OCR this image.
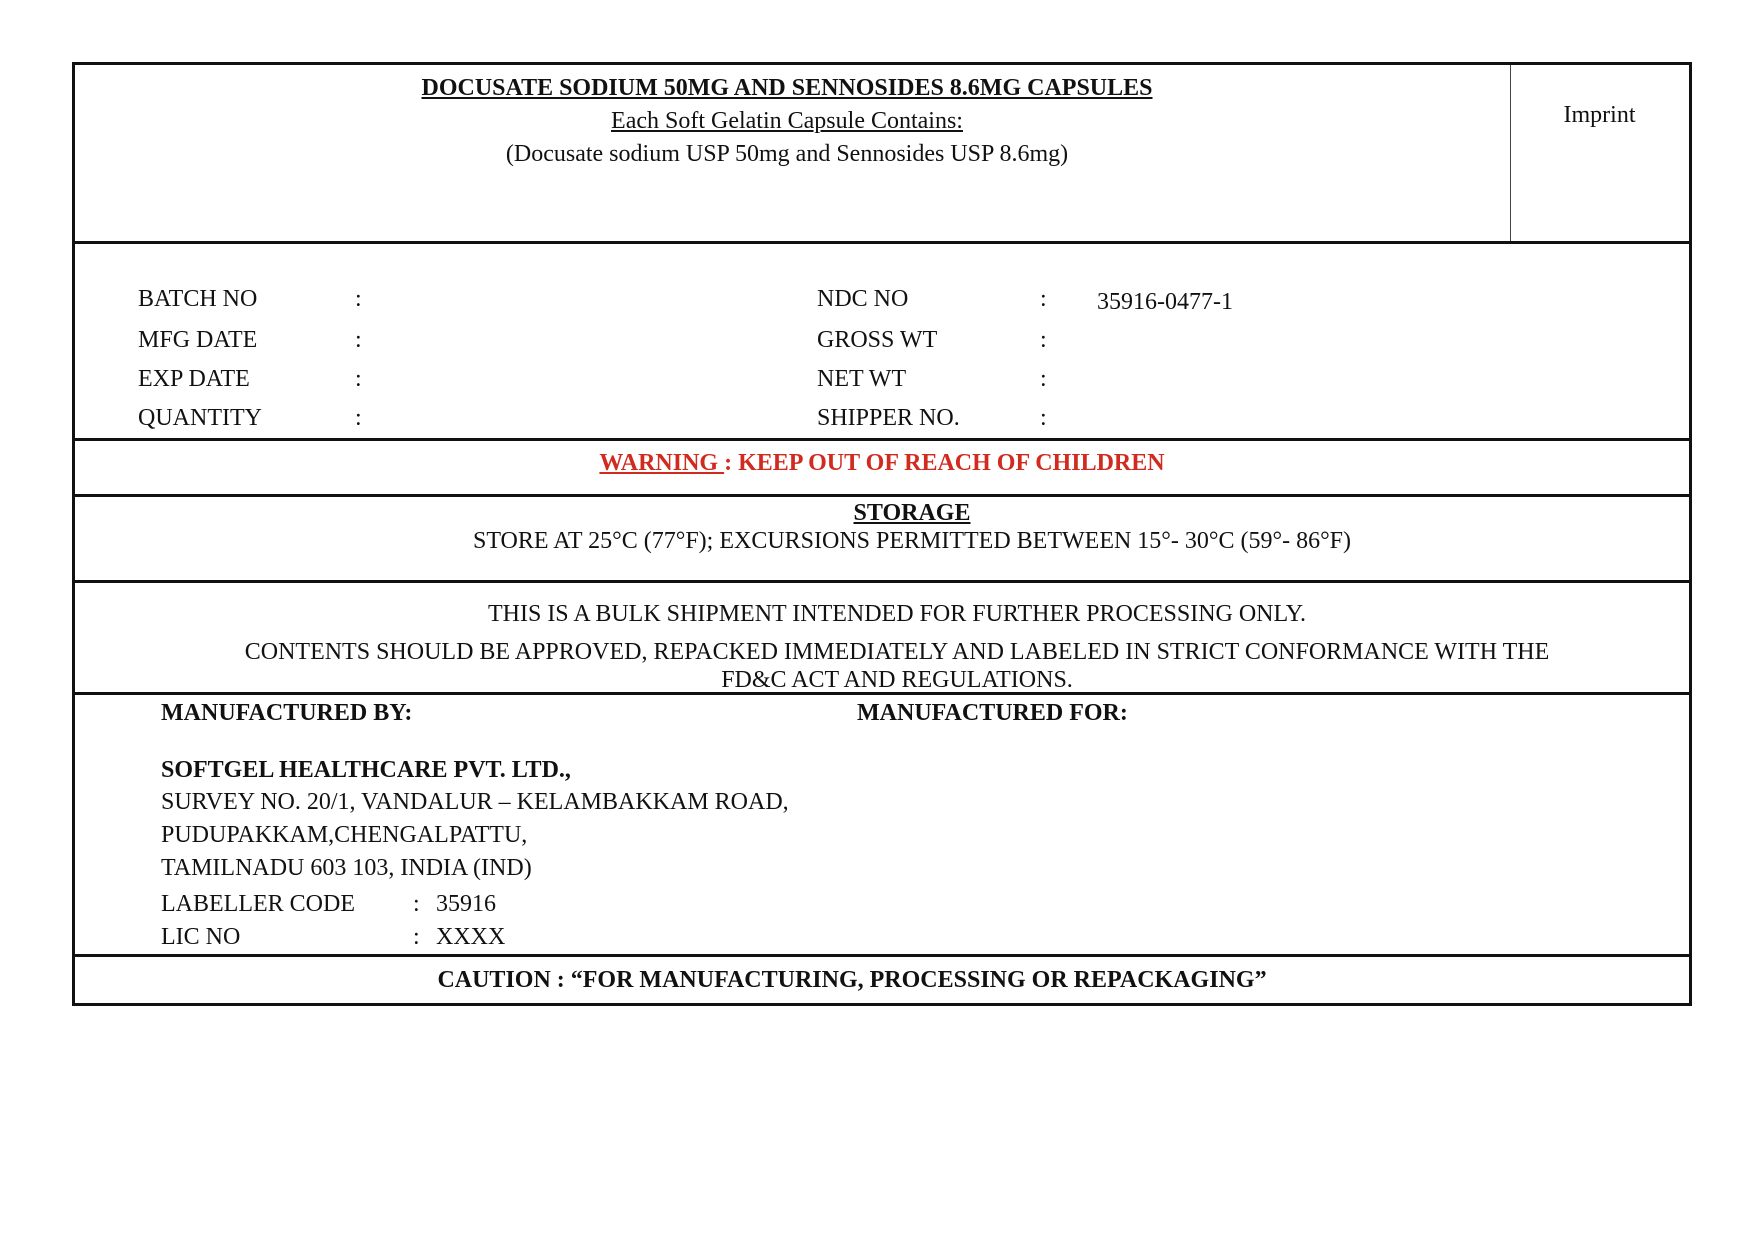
DOCUSATE SODIUM 50MG AND SENNOSIDES 8.6MG CAPSULES
Each Soft Gelatin Capsule Contains:
(Docusate sodium USP 50mg and Sennosides USP 8.6mg)
Imprint
BATCH NO	:
MFG DATE	:
EXP DATE	:
QUANTITY	:
NDC NO	: 35916-0477-1
GROSS WT	:
NET WT	:
SHIPPER NO.	:
WARNING : KEEP OUT OF REACH OF CHILDREN
STORAGE
STORE AT 25°C (77°F); EXCURSIONS PERMITTED BETWEEN 15°- 30°C (59°- 86°F)
THIS IS A BULK SHIPMENT INTENDED FOR FURTHER PROCESSING ONLY.
CONTENTS SHOULD BE APPROVED, REPACKED IMMEDIATELY AND LABELED IN STRICT CONFORMANCE WITH THE
FD&C ACT AND REGULATIONS.
MANUFACTURED BY:	MANUFACTURED FOR:
SOFTGEL HEALTHCARE PVT. LTD.,
SURVEY NO. 20/1, VANDALUR – KELAMBAKKAM ROAD,
PUDUPAKKAM,CHENGALPATTU,
TAMILNADU 603 103, INDIA (IND)
LABELLER CODE : 35916
LIC NO	: XXXX
CAUTION : “FOR MANUFACTURING, PROCESSING OR REPACKAGING”
